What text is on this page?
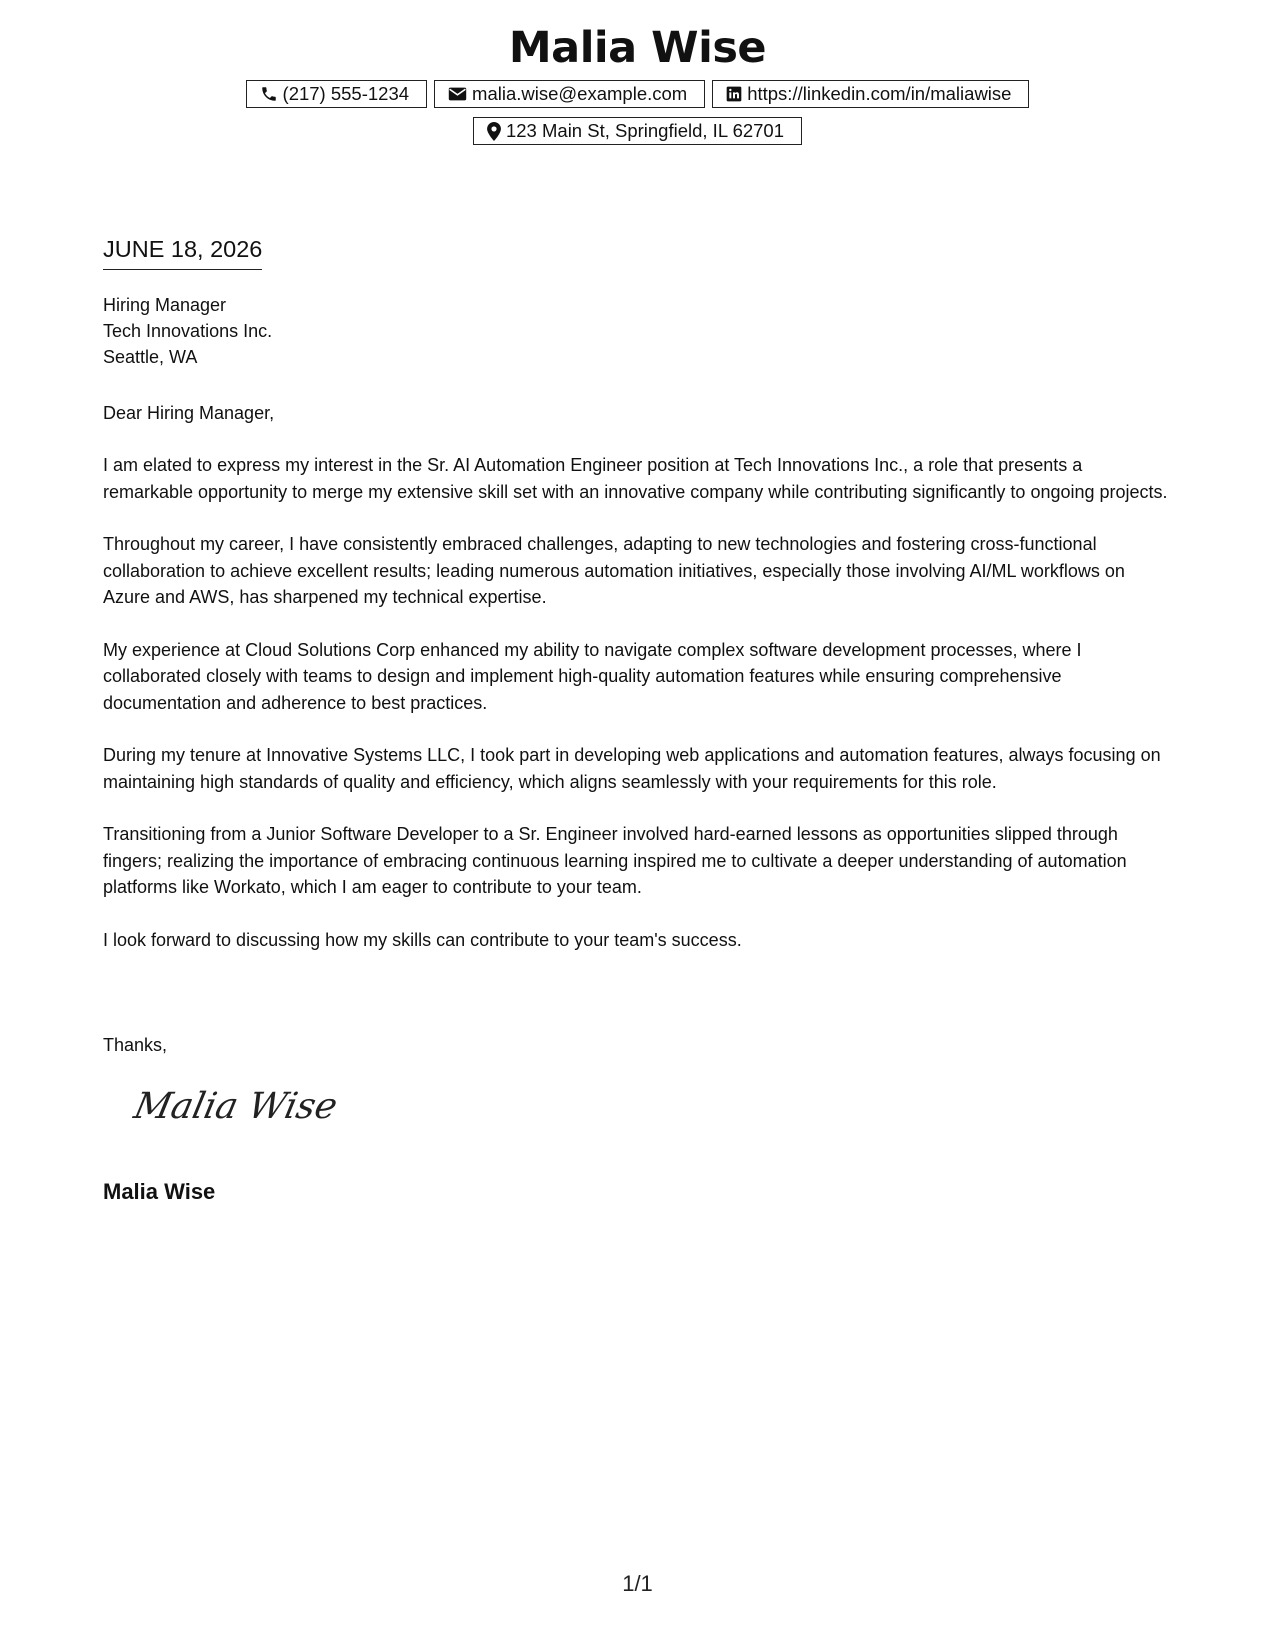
Malia Wise
(217) 555-1234	malia.wise@example.com	https://linkedin.com/in/maliawise
123 Main St, Springfield, IL 62701
JUNE 18, 2026
Hiring Manager
Tech Innovations Inc.
Seattle, WA
Dear Hiring Manager,

I am elated to express my interest in the Sr. AI Automation Engineer position at Tech Innovations Inc., a role that presents a remarkable opportunity to merge my extensive skill set with an innovative company while contributing significantly to ongoing projects.

Throughout my career, I have consistently embraced challenges, adapting to new technologies and fostering cross-functional collaboration to achieve excellent results; leading numerous automation initiatives, especially those involving AI/ML workflows on Azure and AWS, has sharpened my technical expertise.

My experience at Cloud Solutions Corp enhanced my ability to navigate complex software development processes, where I collaborated closely with teams to design and implement high-quality automation features while ensuring comprehensive documentation and adherence to best practices.

During my tenure at Innovative Systems LLC, I took part in developing web applications and automation features, always focusing on maintaining high standards of quality and efficiency, which aligns seamlessly with your requirements for this role.

Transitioning from a Junior Software Developer to a Sr. Engineer involved hard-earned lessons as opportunities slipped through fingers; realizing the importance of embracing continuous learning inspired me to cultivate a deeper understanding of automation platforms like Workato, which I am eager to contribute to your team.

I look forward to discussing how my skills can contribute to your team's success.

Thanks,
Malia Wise
Malia Wise
1/1
